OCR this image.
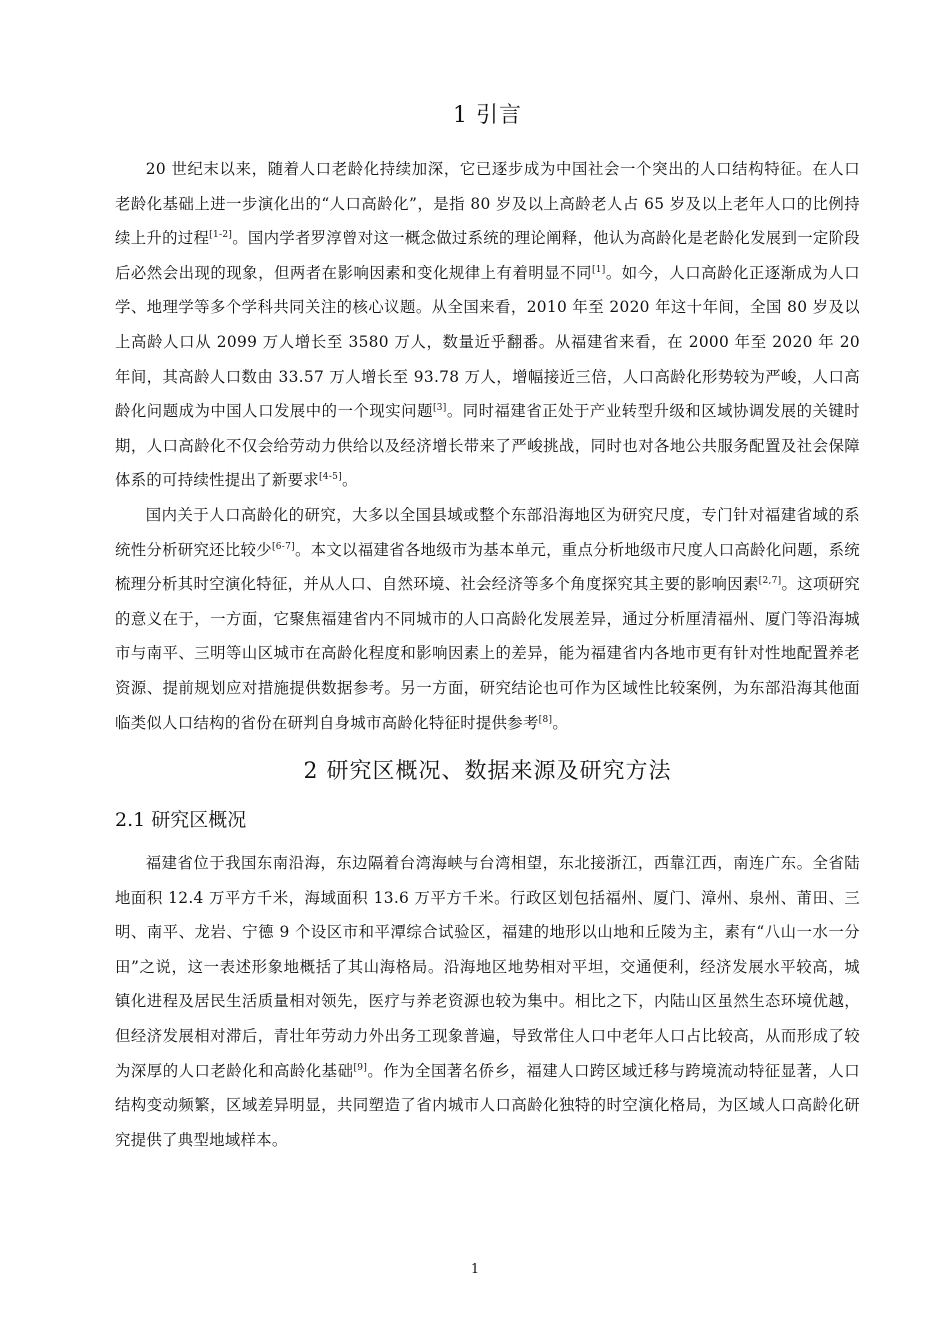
1 引言

20 世纪末以来，随着人口老龄化持续加深，它已逐步成为中国社会一个突出的人口结构特征。在人口老龄化基础上进一步演化出的“人口高龄化”，是指 80 岁及以上高龄老人占 65 岁及以上老年人口的比例持续上升的过程[1-2]。国内学者罗淳曾对这一概念做过系统的理论阐释，他认为高龄化是老龄化发展到一定阶段后必然会出现的现象，但两者在影响因素和变化规律上有着明显不同[1]。如今，人口高龄化正逐渐成为人口学、地理学等多个学科共同关注的核心议题。从全国来看，2010 年至 2020 年这十年间，全国 80 岁及以上高龄人口从 2099 万人增长至 3580 万人，数量近乎翻番。从福建省来看，在 2000 年至 2020 年 20 年间，其高龄人口数由 33.57 万人增长至 93.78 万人，增幅接近三倍，人口高龄化形势较为严峻，人口高龄化问题成为中国人口发展中的一个现实问题[3]。同时福建省正处于产业转型升级和区域协调发展的关键时期，人口高龄化不仅会给劳动力供给以及经济增长带来了严峻挑战，同时也对各地公共服务配置及社会保障体系的可持续性提出了新要求[4-5]。

国内关于人口高龄化的研究，大多以全国县域或整个东部沿海地区为研究尺度，专门针对福建省域的系统性分析研究还比较少[6-7]。本文以福建省各地级市为基本单元，重点分析地级市尺度人口高龄化问题，系统梳理分析其时空演化特征，并从人口、自然环境、社会经济等多个角度探究其主要的影响因素[2,7]。这项研究的意义在于，一方面，它聚焦福建省内不同城市的人口高龄化发展差异，通过分析厘清福州、厦门等沿海城市与南平、三明等山区城市在高龄化程度和影响因素上的差异，能为福建省内各地市更有针对性地配置养老资源、提前规划应对措施提供数据参考。另一方面，研究结论也可作为区域性比较案例，为东部沿海其他面临类似人口结构的省份在研判自身城市高龄化特征时提供参考[8]。

2 研究区概况、数据来源及研究方法
2.1 研究区概况

福建省位于我国东南沿海，东边隔着台湾海峡与台湾相望，东北接浙江，西靠江西，南连广东。全省陆地面积 12.4 万平方千米，海域面积 13.6 万平方千米。行政区划包括福州、厦门、漳州、泉州、莆田、三明、南平、龙岩、宁德 9 个设区市和平潭综合试验区，福建的地形以山地和丘陵为主，素有“八山一水一分田”之说，这一表述形象地概括了其山海格局。沿海地区地势相对平坦，交通便利，经济发展水平较高，城镇化进程及居民生活质量相对领先，医疗与养老资源也较为集中。相比之下，内陆山区虽然生态环境优越，但经济发展相对滞后，青壮年劳动力外出务工现象普遍，导致常住人口中老年人口占比较高，从而形成了较为深厚的人口老龄化和高龄化基础[9]。作为全国著名侨乡，福建人口跨区域迁移与跨境流动特征显著，人口结构变动频繁，区域差异明显，共同塑造了省内城市人口高龄化独特的时空演化格局，为区域人口高龄化研究提供了典型地域样本。

1
